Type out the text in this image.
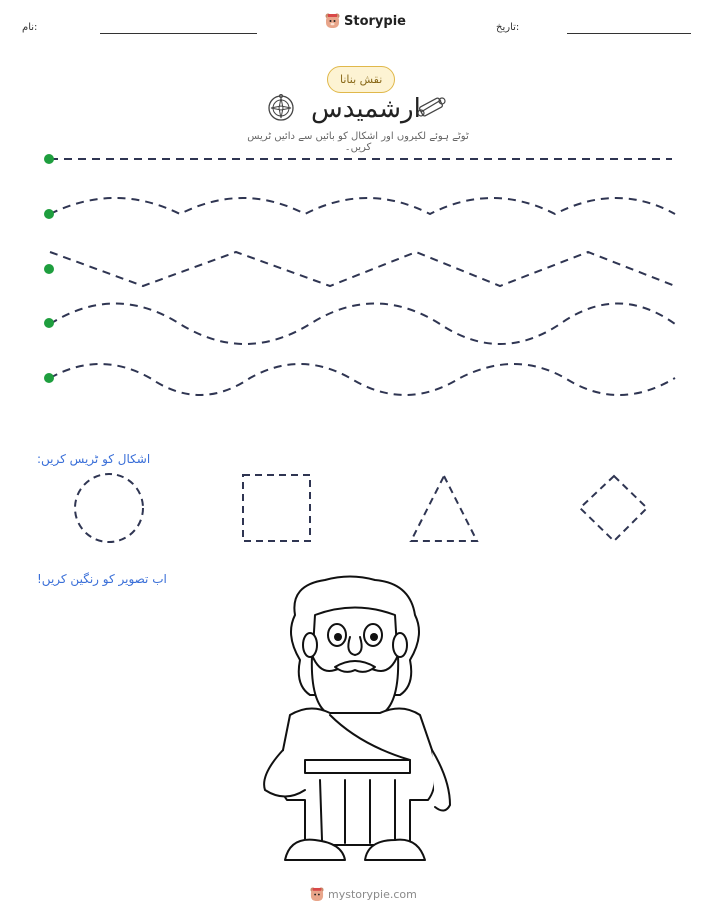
نام:	Storypie	تاریخ:
نقش بنانا
ارشمیدس
ٹوٹے ہوئے لکیروں اور اشکال کو بائیں سے دائیں ٹریس کریں۔
اشکال کو ٹریس کریں:
اب تصویر کو رنگین کریں!
mystorypie.com
